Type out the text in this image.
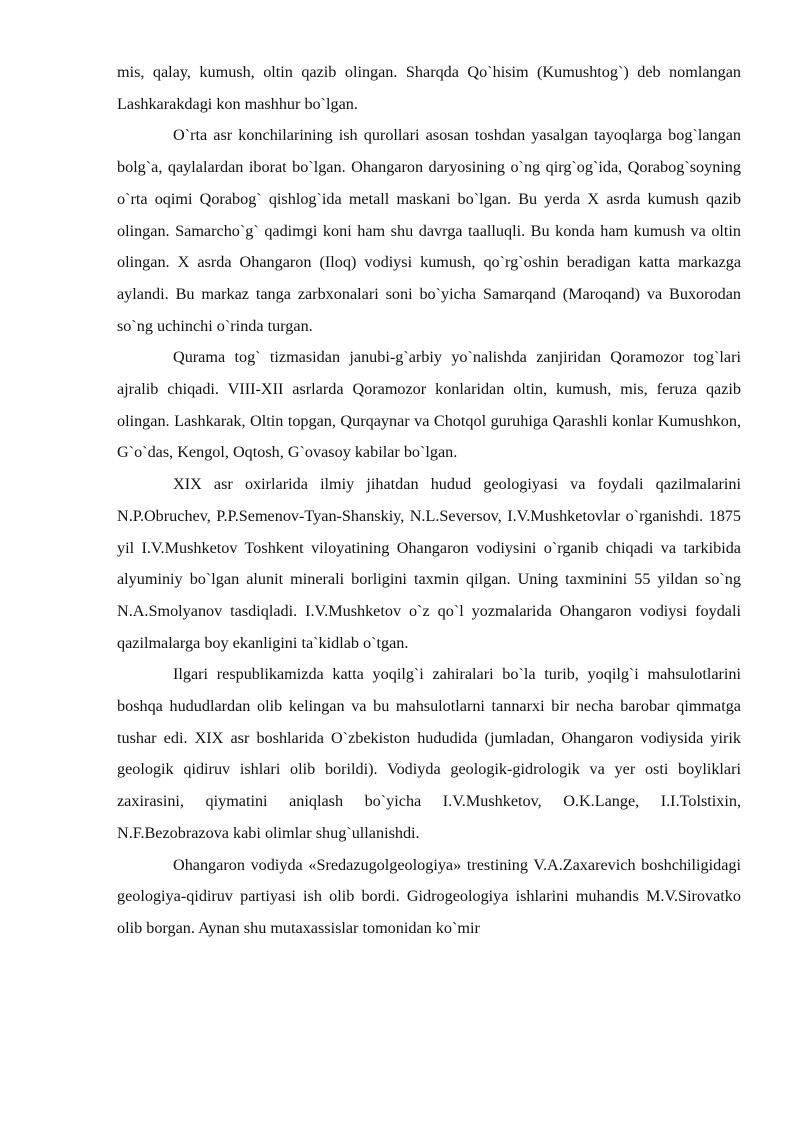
mis, qalay, kumush, oltin qazib olingan. Sharqda Qo`hisim (Kumushtog`) deb nomlangan Lashkarakdagi kon mashhur bo`lgan.

O`rta asr konchilarining ish qurollari asosan toshdan yasalgan tayoqlarga bog`langan bolg`a, qaylalardan iborat bo`lgan. Ohangaron daryosining o`ng qirg`og`ida, Qorabog`soyning o`rta oqimi Qorabog` qishlog`ida metall maskani bo`lgan. Bu yerda X asrda kumush qazib olingan. Samarcho`g` qadimgi koni ham shu davrga taalluqli. Bu konda ham kumush va oltin olingan. X asrda Ohangaron (Iloq) vodiysi kumush, qo`rg`oshin beradigan katta markazga aylandi. Bu markaz tanga zarbxonalari soni bo`yicha Samarqand (Maroqand) va Buxorodan so`ng uchinchi o`rinda turgan.

Qurama tog` tizmasidan janubi-g`arbiy yo`nalishda zanjiridan Qoramozor tog`lari ajralib chiqadi. VIII-XII asrlarda Qoramozor konlaridan oltin, kumush, mis, feruza qazib olingan. Lashkarak, Oltin topgan, Qurqaynar va Chotqol guruhiga Qarashli konlar Kumushkon, G`o`das, Kengol, Oqtosh, G`ovasoy kabilar bo`lgan.

XIX asr oxirlarida ilmiy jihatdan hudud geologiyasi va foydali qazilmalarini N.P.Obruchev, P.P.Semenov-Tyan-Shanskiy, N.L.Seversov, I.V.Mushketovlar o`rganishdi. 1875 yil I.V.Mushketov Toshkent viloyatining Ohangaron vodiysini o`rganib chiqadi va tarkibida alyuminiy bo`lgan alunit minerali borligini taxmin qilgan. Uning taxminini 55 yildan so`ng N.A.Smolyanov tasdiqladi. I.V.Mushketov o`z qo`l yozmalarida Ohangaron vodiysi foydali qazilmalarga boy ekanligini ta`kidlab o`tgan.

Ilgari respublikamizda katta yoqilg`i zahiralari bo`la turib, yoqilg`i mahsulotlarini boshqa hududlardan olib kelingan va bu mahsulotlarni tannarxi bir necha barobar qimmatga tushar edi. XIX asr boshlarida O`zbekiston hududida (jumladan, Ohangaron vodiysida yirik geologik qidiruv ishlari olib borildi). Vodiyda geologik-gidrologik va yer osti boyliklari zaxirasini, qiymatini aniqlash bo`yicha I.V.Mushketov, O.K.Lange, I.I.Tolstixin, N.F.Bezobrazova kabi olimlar shug`ullanishdi.

Ohangaron vodiyda «Sredazugolgeologiya» trestining V.A.Zaxarevich boshchiligidagi geologiya-qidiruv partiyasi ish olib bordi. Gidrogeologiya ishlarini muhandis M.V.Sirovatko olib borgan. Aynan shu mutaxassislar tomonidan ko`mir
